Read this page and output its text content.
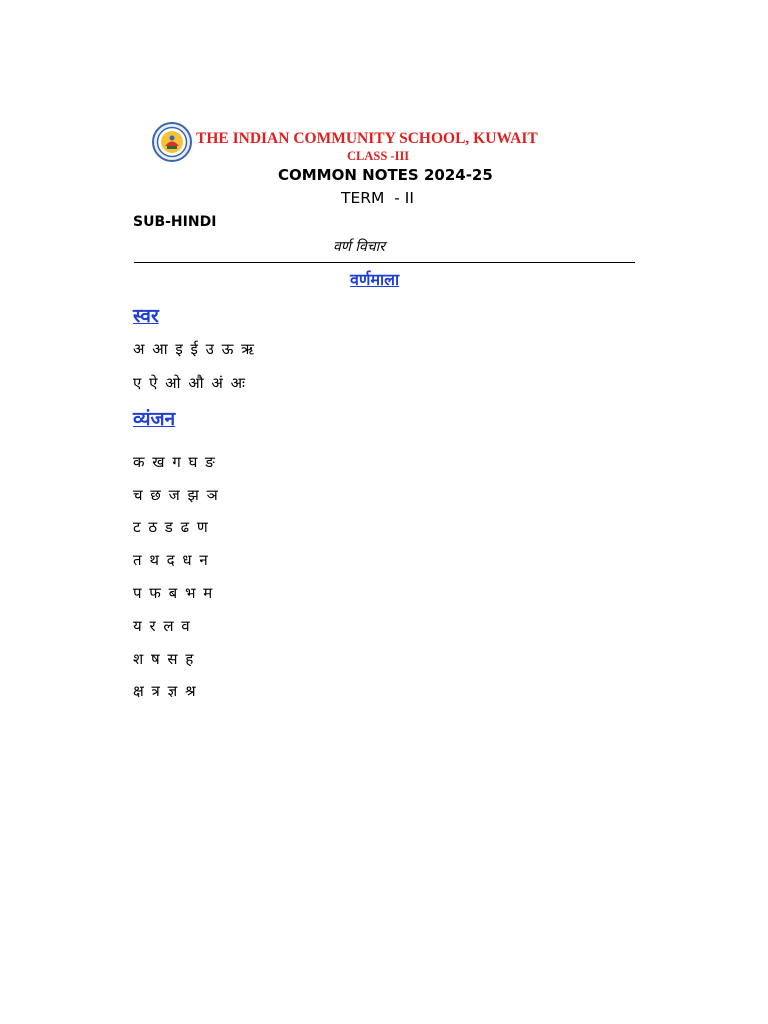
THE INDIAN COMMUNITY SCHOOL, KUWAIT
CLASS -III
COMMON NOTES 2024-25
TERM  - II
SUB-HINDI
वर्ण विचार
वर्णमाला
स्वर
अ आ इ ई उ ऊ ऋ
ए ऐ ओ औ अं अः
व्यंजन
क ख ग घ ङ
च छ ज झ ञ
ट ठ ड ढ ण
त थ द ध न
प फ ब भ म
य र ल व
श ष स ह
क्ष त्र ज्ञ श्र
